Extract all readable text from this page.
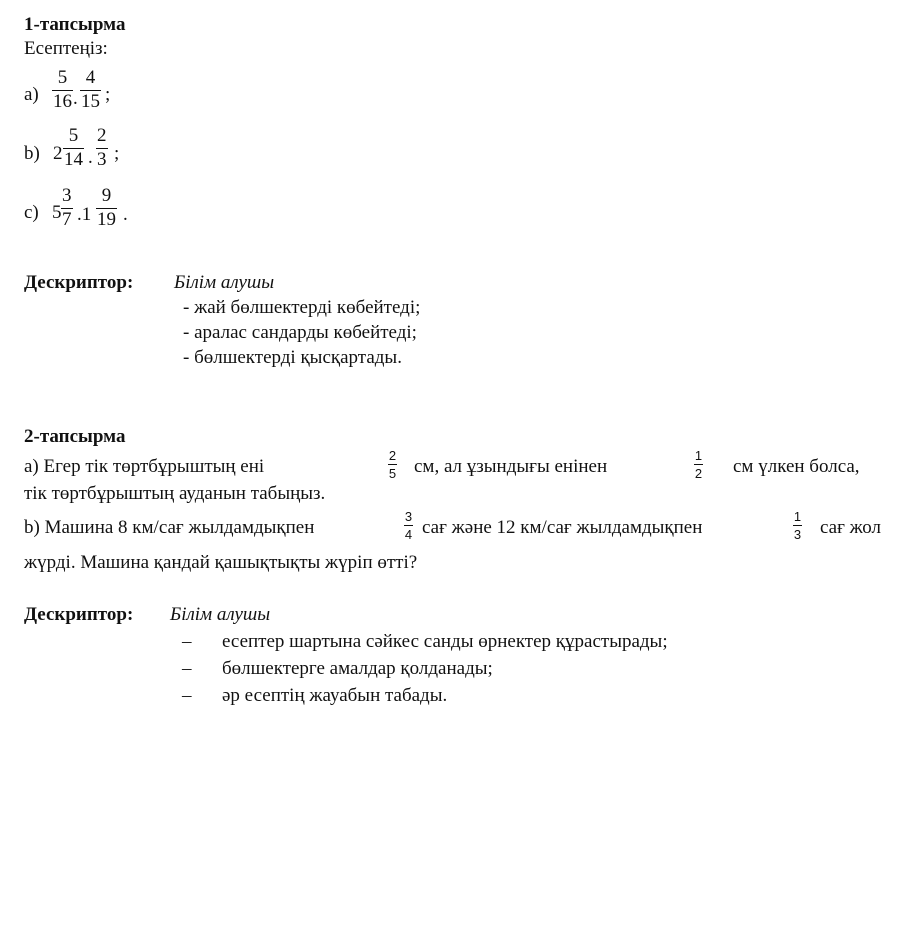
1-тапсырма
Есептеңіз:
а)
5
16 .
4
15 ;
b) 2
5
14 .
2
3 ;
с) 5
3
7 .1
9
19 .
Дескриптор: Білім алушы
- жай бөлшектерді көбейтеді;
- аралас сандарды көбейтеді;
- бөлшектерді қысқартады.
2-тапсырма
а) Егер тік төртбұрыштың ені
2
5 см, ал ұзындығы енінен
1
2 см үлкен болса,
тік төртбұрыштың ауданын табыңыз.
b) Машина 8 км/сағ жылдамдықпен
3
4 сағ және 12 км/сағ жылдамдықпен
1
3 сағ жол
жүрді. Машина қандай қашықтықты жүріп өтті?
Дескриптор: Білім алушы
– есептер шартына сәйкес санды өрнектер құрастырады;
– бөлшектерге амалдар қолданады;
– әр есептің жауабын табады.
